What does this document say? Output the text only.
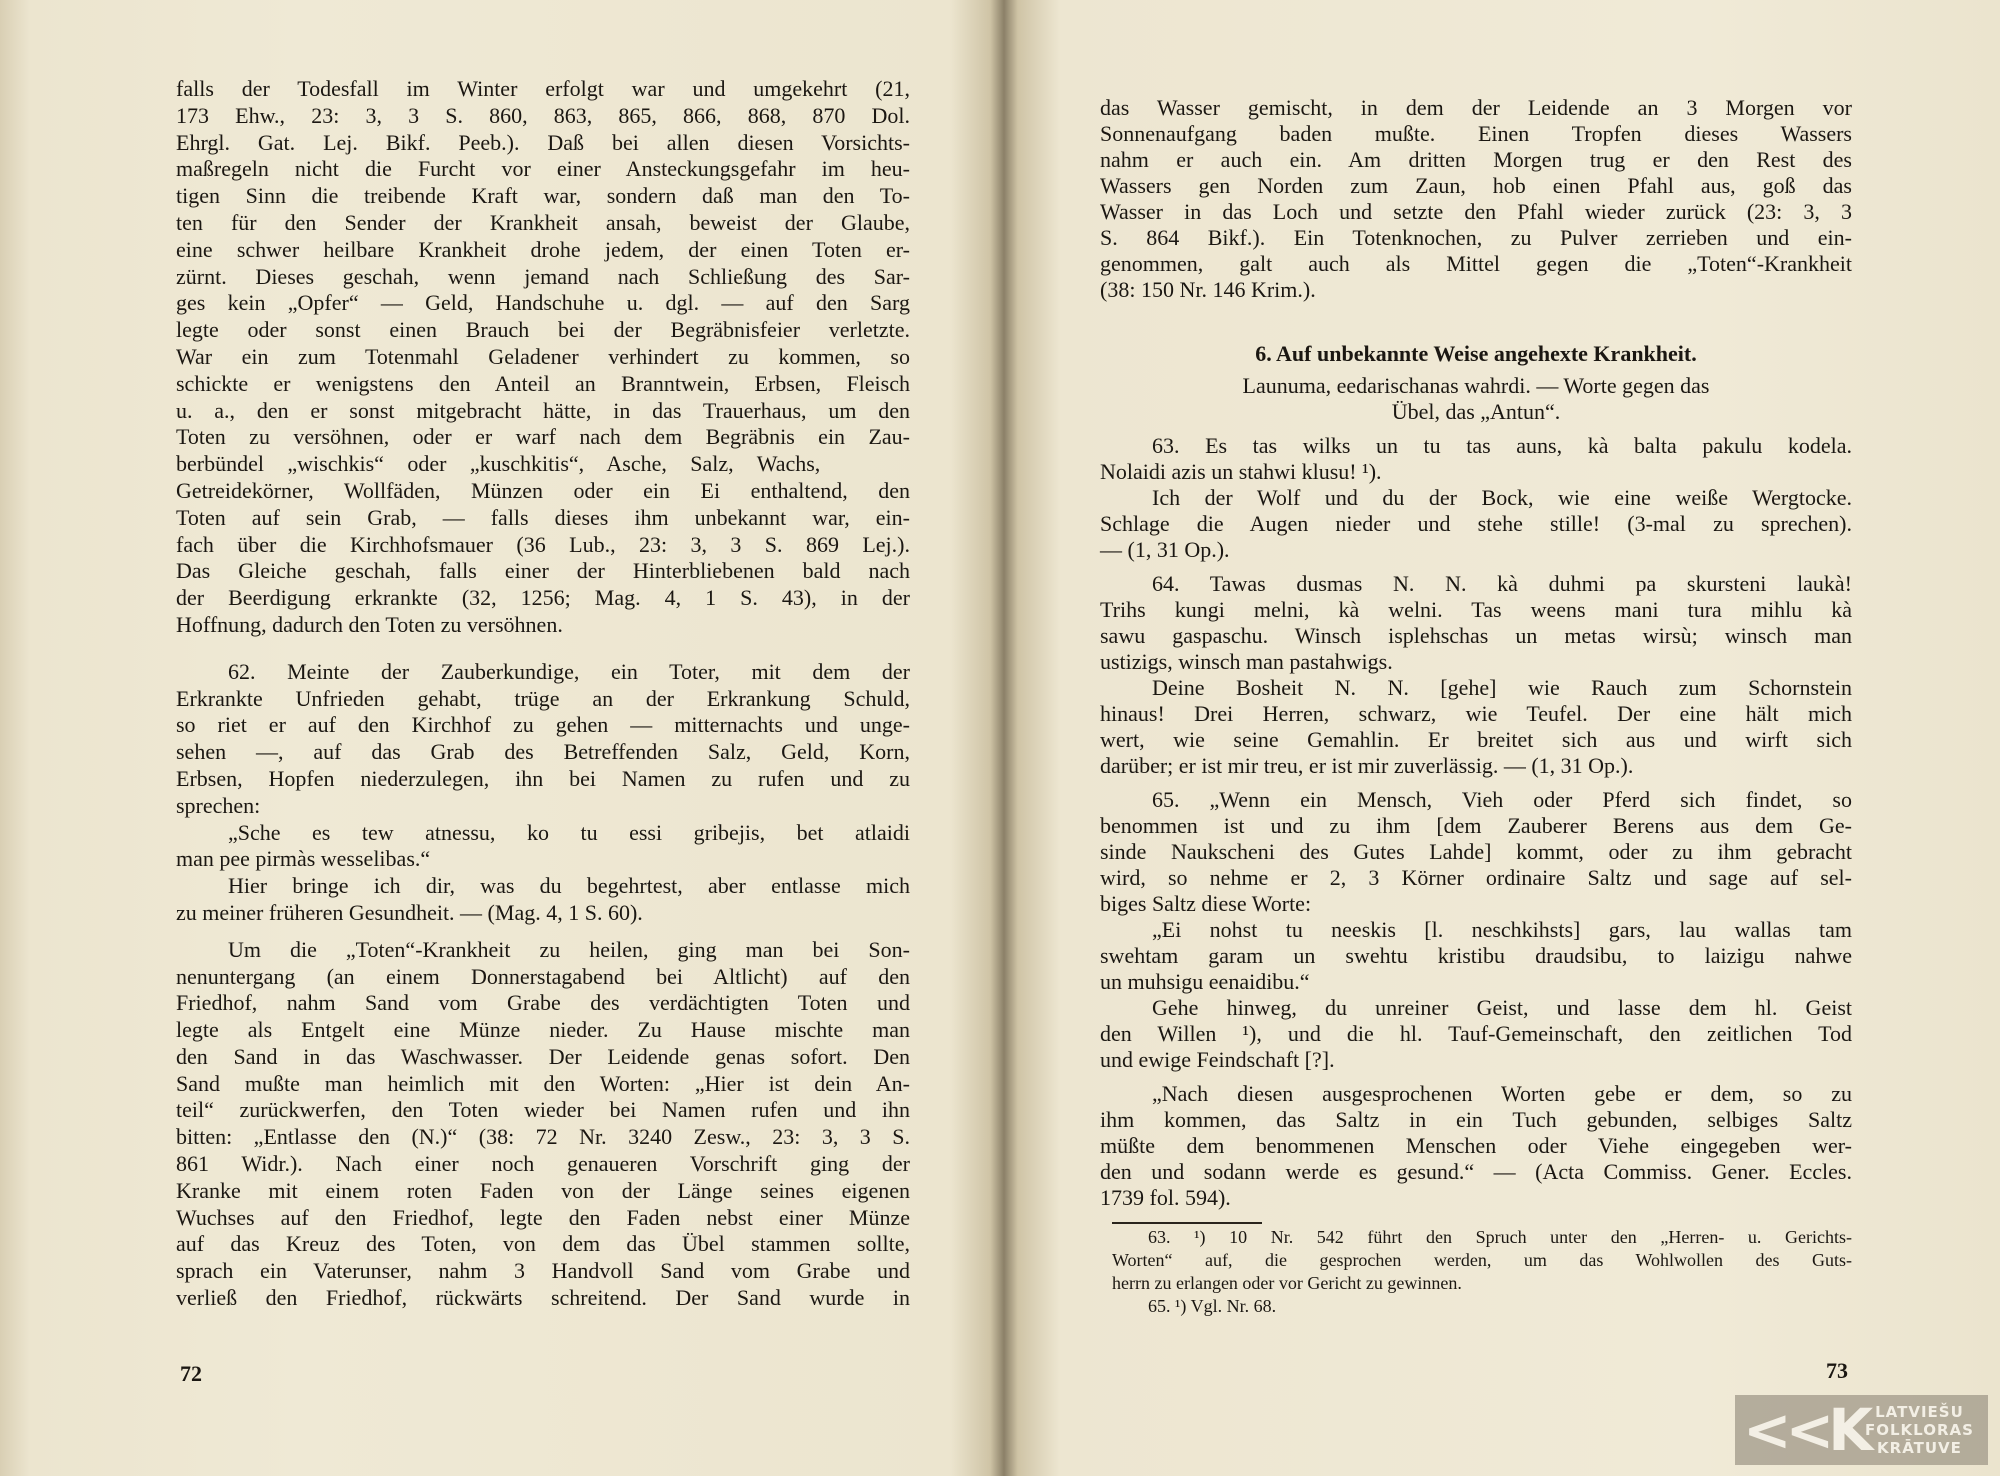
falls der Todesfall im Winter erfolgt war und umgekehrt (21,
173 Ehw., 23: 3, 3 S. 860, 863, 865, 866, 868, 870 Dol.
Ehrgl. Gat. Lej. Bikf. Peeb.). Daß bei allen diesen Vorsichts-
maßregeln nicht die Furcht vor einer Ansteckungsgefahr im heu-
tigen Sinn die treibende Kraft war, sondern daß man den To-
ten für den Sender der Krankheit ansah, beweist der Glaube,
eine schwer heilbare Krankheit drohe jedem, der einen Toten er-
zürnt. Dieses geschah, wenn jemand nach Schließung des Sar-
ges kein „Opfer“ — Geld, Handschuhe u. dgl. — auf den Sarg
legte oder sonst einen Brauch bei der Begräbnisfeier verletzte.
War ein zum Totenmahl Geladener verhindert zu kommen, so
schickte er wenigstens den Anteil an Branntwein, Erbsen, Fleisch
u. a., den er sonst mitgebracht hätte, in das Trauerhaus, um den
Toten zu versöhnen, oder er warf nach dem Begräbnis ein Zau-
berbündel „wischkis“ oder „kuschkitis“, Asche, Salz, Wachs,
Getreidekörner, Wollfäden, Münzen oder ein Ei enthaltend, den
Toten auf sein Grab, — falls dieses ihm unbekannt war, ein-
fach über die Kirchhofsmauer (36 Lub., 23: 3, 3 S. 869 Lej.).
Das Gleiche geschah, falls einer der Hinterbliebenen bald nach
der Beerdigung erkrankte (32, 1256; Mag. 4, 1 S. 43), in der
Hoffnung, dadurch den Toten zu versöhnen.
62. Meinte der Zauberkundige, ein Toter, mit dem der
Erkrankte Unfrieden gehabt, trüge an der Erkrankung Schuld,
so riet er auf den Kirchhof zu gehen — mitternachts und unge-
sehen —, auf das Grab des Betreffenden Salz, Geld, Korn,
Erbsen, Hopfen niederzulegen, ihn bei Namen zu rufen und zu
sprechen:
„Sche es tew atnessu, ko tu essi gribejis, bet atlaidi
man pee pirmàs wesselibas.“
Hier bringe ich dir, was du begehrtest, aber entlasse mich
zu meiner früheren Gesundheit. — (Mag. 4, 1 S. 60).
Um die „Toten“-Krankheit zu heilen, ging man bei Son-
nenuntergang (an einem Donnerstagabend bei Altlicht) auf den
Friedhof, nahm Sand vom Grabe des verdächtigten Toten und
legte als Entgelt eine Münze nieder. Zu Hause mischte man
den Sand in das Waschwasser. Der Leidende genas sofort. Den
Sand mußte man heimlich mit den Worten: „Hier ist dein An-
teil“ zurückwerfen, den Toten wieder bei Namen rufen und ihn
bitten: „Entlasse den (N.)“ (38: 72 Nr. 3240 Zesw., 23: 3, 3 S.
861 Widr.). Nach einer noch genaueren Vorschrift ging der
Kranke mit einem roten Faden von der Länge seines eigenen
Wuchses auf den Friedhof, legte den Faden nebst einer Münze
auf das Kreuz des Toten, von dem das Übel stammen sollte,
sprach ein Vaterunser, nahm 3 Handvoll Sand vom Grabe und
verließ den Friedhof, rückwärts schreitend. Der Sand wurde in
72
das Wasser gemischt, in dem der Leidende an 3 Morgen vor
Sonnenaufgang baden mußte. Einen Tropfen dieses Wassers
nahm er auch ein. Am dritten Morgen trug er den Rest des
Wassers gen Norden zum Zaun, hob einen Pfahl aus, goß das
Wasser in das Loch und setzte den Pfahl wieder zurück (23: 3, 3
S. 864 Bikf.). Ein Totenknochen, zu Pulver zerrieben und ein-
genommen, galt auch als Mittel gegen die „Toten“-Krankheit
(38: 150 Nr. 146 Krim.).
6. Auf unbekannte Weise angehexte Krankheit.
Launuma, eedarischanas wahrdi. — Worte gegen das
Übel, das „Antun“.
63. Es tas wilks un tu tas auns, kà balta pakulu kodela.
Nolaidi azis un stahwi klusu! ¹).
Ich der Wolf und du der Bock, wie eine weiße Wergtocke.
Schlage die Augen nieder und stehe stille! (3-mal zu sprechen).
— (1, 31 Op.).
64. Tawas dusmas N. N. kà duhmi pa skursteni laukà!
Trihs kungi melni, kà welni. Tas weens mani tura mihlu kà
sawu gaspaschu. Winsch isplehschas un metas wirsù; winsch man
ustizigs, winsch man pastahwigs.
Deine Bosheit N. N. [gehe] wie Rauch zum Schornstein
hinaus! Drei Herren, schwarz, wie Teufel. Der eine hält mich
wert, wie seine Gemahlin. Er breitet sich aus und wirft sich
darüber; er ist mir treu, er ist mir zuverlässig. — (1, 31 Op.).
65. „Wenn ein Mensch, Vieh oder Pferd sich findet, so
benommen ist und zu ihm [dem Zauberer Berens aus dem Ge-
sinde Naukscheni des Gutes Lahde] kommt, oder zu ihm gebracht
wird, so nehme er 2, 3 Körner ordinaire Saltz und sage auf sel-
biges Saltz diese Worte:
„Ei nohst tu neeskis [l. neschkihsts] gars, lau wallas tam
swehtam garam un swehtu kristibu draudsibu, to laizigu nahwe
un muhsigu eenaidibu.“
Gehe hinweg, du unreiner Geist, und lasse dem hl. Geist
den Willen ¹), und die hl. Tauf-Gemeinschaft, den zeitlichen Tod
und ewige Feindschaft [?].
„Nach diesen ausgesprochenen Worten gebe er dem, so zu
ihm kommen, das Saltz in ein Tuch gebunden, selbiges Saltz
müßte dem benommenen Menschen oder Viehe eingegeben wer-
den und sodann werde es gesund.“ — (Acta Commiss. Gener. Eccles.
1739 fol. 594).
63. ¹) 10 Nr. 542 führt den Spruch unter den „Herren- u. Gerichts-
Worten“ auf, die gesprochen werden, um das Wohlwollen des Guts-
herrn zu erlangen oder vor Gericht zu gewinnen.
65. ¹) Vgl. Nr. 68.
73
<<K LATVIEŠU
FOLKLORAS
KRĀTUVE
